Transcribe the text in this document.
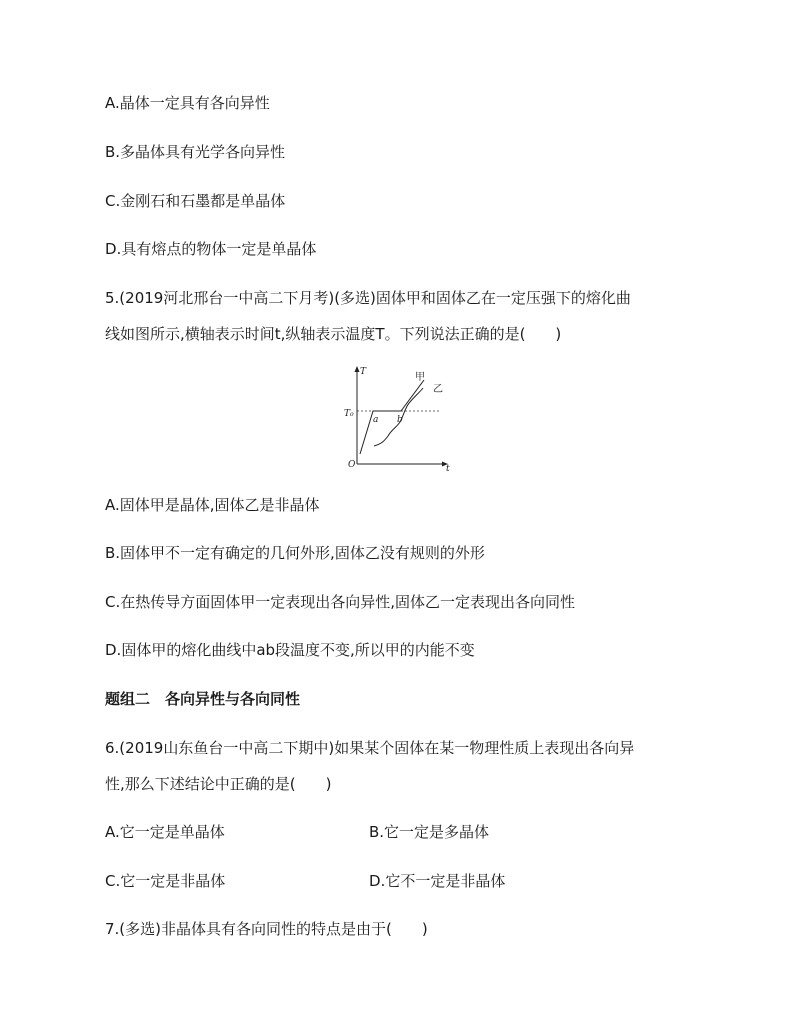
A.晶体一定具有各向异性
B.多晶体具有光学各向异性
C.金刚石和石墨都是单晶体
D.具有熔点的物体一定是单晶体
5.(2019河北邢台一中高二下月考)(多选)固体甲和固体乙在一定压强下的熔化曲
线如图所示,横轴表示时间t,纵轴表示温度T。下列说法正确的是(　　)
T
t
O
T₀
a b
甲
乙
A.固体甲是晶体,固体乙是非晶体
B.固体甲不一定有确定的几何外形,固体乙没有规则的外形
C.在热传导方面固体甲一定表现出各向异性,固体乙一定表现出各向同性
D.固体甲的熔化曲线中ab段温度不变,所以甲的内能不变
题组二　各向异性与各向同性
6.(2019山东鱼台一中高二下期中)如果某个固体在某一物理性质上表现出各向异
性,那么下述结论中正确的是(　　)
A.它一定是单晶体	B.它一定是多晶体
C.它一定是非晶体	D.它不一定是非晶体
7.(多选)非晶体具有各向同性的特点是由于(　　)
